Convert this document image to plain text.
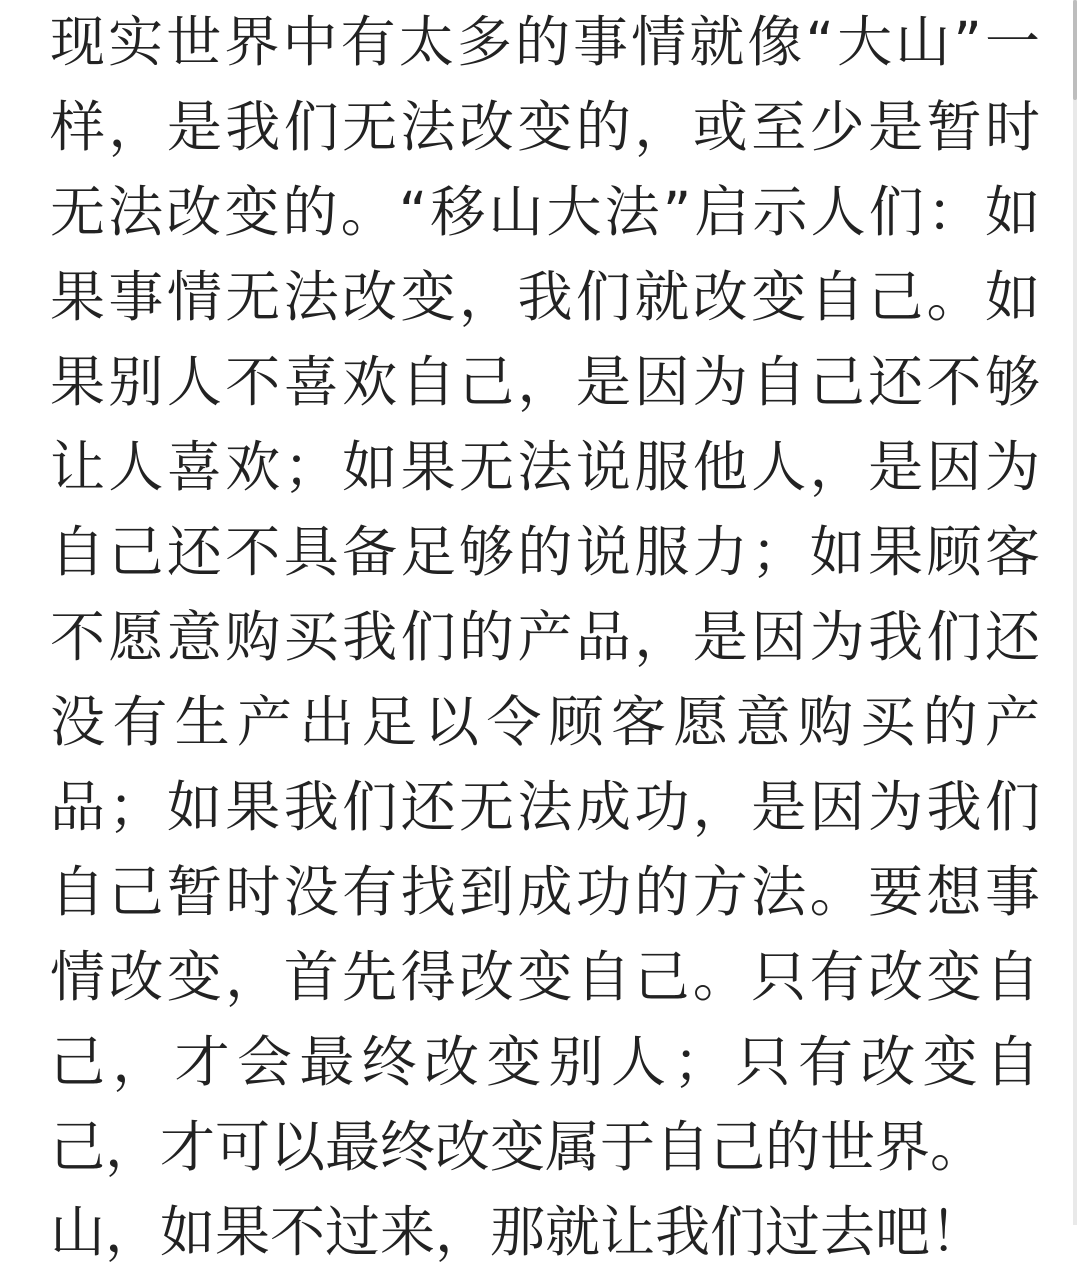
现实世界中有太多的事情就像“大山”一
样，是我们无法改变的，或至少是暂时
无法改变的。“移山大法”启示人们：如
果事情无法改变，我们就改变自己。如
果别人不喜欢自己，是因为自己还不够
让人喜欢；如果无法说服他人，是因为
自己还不具备足够的说服力；如果顾客
不愿意购买我们的产品，是因为我们还
没有生产出足以令顾客愿意购买的产
品；如果我们还无法成功，是因为我们
自己暂时没有找到成功的方法。要想事
情改变，首先得改变自己。只有改变自
己，才会最终改变别人；只有改变自
己，才可以最终改变属于自己的世界。
山，如果不过来，那就让我们过去吧！
